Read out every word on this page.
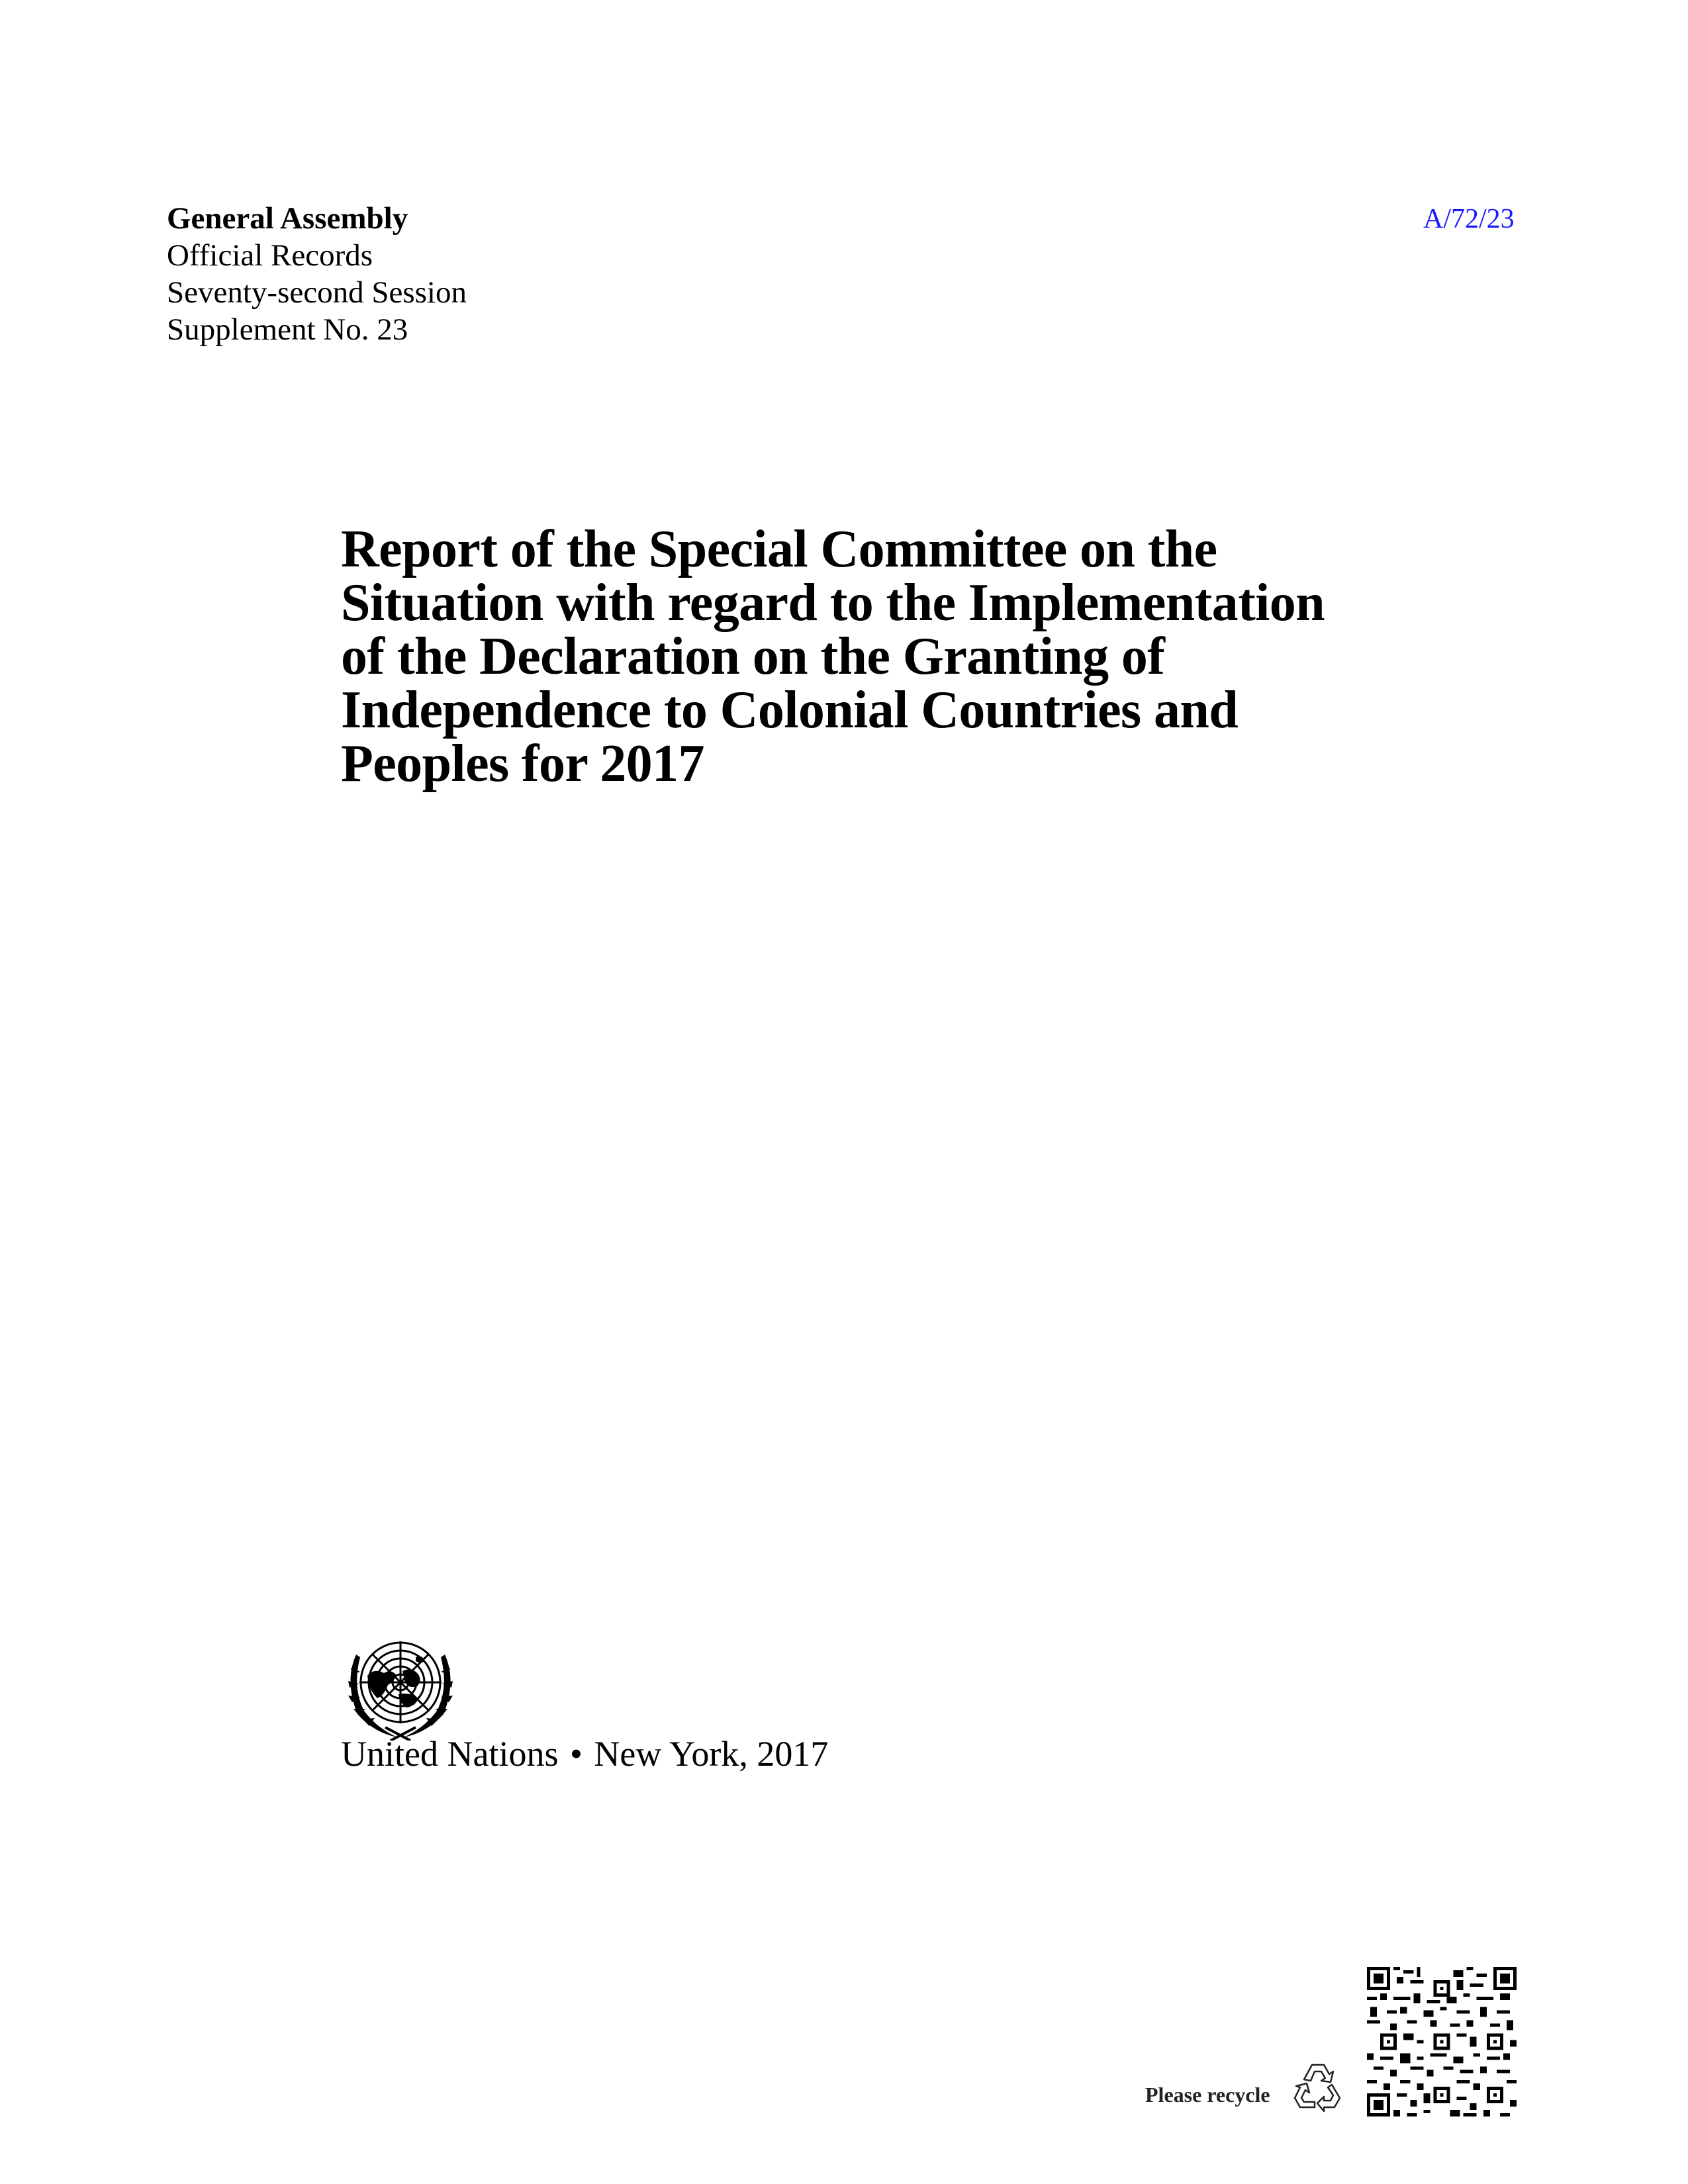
General Assembly
Official Records
Seventy-second Session
Supplement No. 23
A/72/23
Report of the Special Committee on the
Situation with regard to the Implementation
of the Declaration on the Granting of
Independence to Colonial Countries and
Peoples for 2017
United Nations • New York, 2017
Please recycle
